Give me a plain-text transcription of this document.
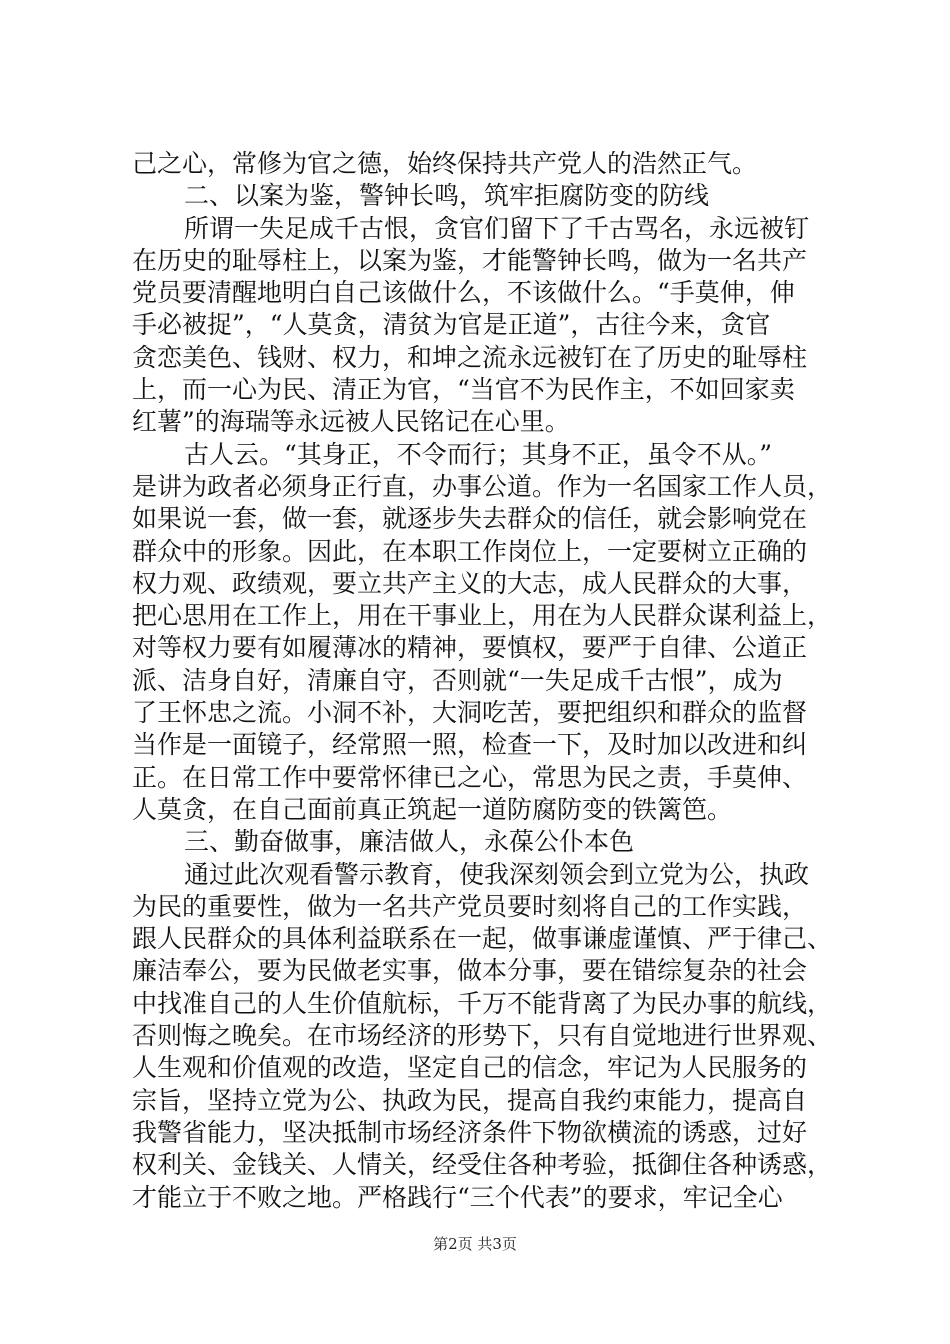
己之心，常修为官之德，始终保持共产党人的浩然正气。
二、以案为鉴，警钟长鸣，筑牢拒腐防变的防线
所谓一失足成千古恨，贪官们留下了千古骂名，永远被钉
在历史的耻辱柱上，以案为鉴，才能警钟长鸣，做为一名共产
党员要清醒地明白自己该做什么，不该做什么。“手莫伸，伸
手必被捉”，“人莫贪，清贫为官是正道”，古往今来，贪官
贪恋美色、钱财、权力，和坤之流永远被钉在了历史的耻辱柱
上，而一心为民、清正为官，“当官不为民作主，不如回家卖
红薯”的海瑞等永远被人民铭记在心里。
古人云。“其身正，不令而行；其身不正，虽令不从。”
是讲为政者必须身正行直，办事公道。作为一名国家工作人员，
如果说一套，做一套，就逐步失去群众的信任，就会影响党在
群众中的形象。因此，在本职工作岗位上，一定要树立正确的
权力观、政绩观，要立共产主义的大志，成人民群众的大事，
把心思用在工作上，用在干事业上，用在为人民群众谋利益上，
对等权力要有如履薄冰的精神，要慎权，要严于自律、公道正
派、洁身自好，清廉自守，否则就“一失足成千古恨”，成为
了王怀忠之流。小洞不补，大洞吃苦，要把组织和群众的监督
当作是一面镜子，经常照一照，检查一下，及时加以改进和纠
正。在日常工作中要常怀律已之心，常思为民之责，手莫伸、
人莫贪，在自己面前真正筑起一道防腐防变的铁篱笆。
三、勤奋做事，廉洁做人，永葆公仆本色
通过此次观看警示教育，使我深刻领会到立党为公，执政
为民的重要性，做为一名共产党员要时刻将自己的工作实践，
跟人民群众的具体利益联系在一起，做事谦虚谨慎、严于律己、
廉洁奉公，要为民做老实事，做本分事，要在错综复杂的社会
中找准自己的人生价值航标，千万不能背离了为民办事的航线，
否则悔之晚矣。在市场经济的形势下，只有自觉地进行世界观、
人生观和价值观的改造，坚定自己的信念，牢记为人民服务的
宗旨，坚持立党为公、执政为民，提高自我约束能力，提高自
我警省能力，坚决抵制市场经济条件下物欲横流的诱惑，过好
权利关、金钱关、人情关，经受住各种考验，抵御住各种诱惑，
才能立于不败之地。严格践行“三个代表”的要求，牢记全心
第2页 共3页
